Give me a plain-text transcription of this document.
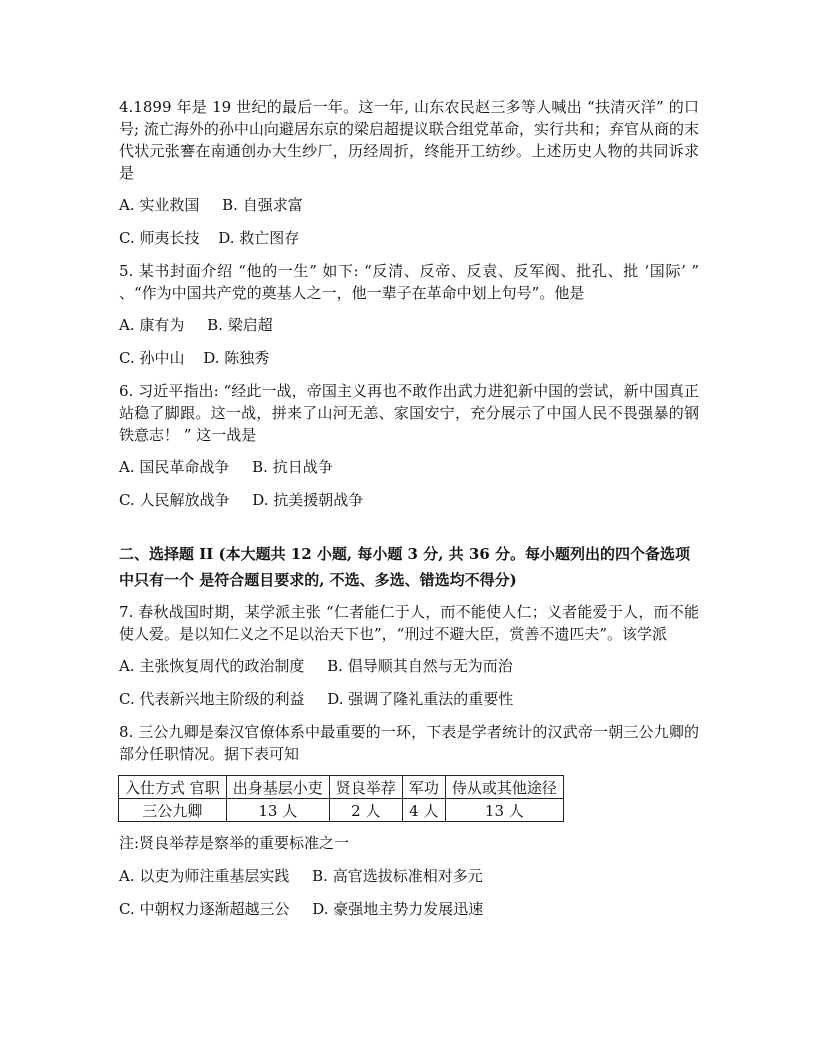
4.1899 年是 19 世纪的最后一年。这一年, 山东农民赵三多等人喊出 “扶清灭洋” 的口号; 流亡海外的孙中山向避居东京的梁启超提议联合组党革命，实行共和；弃官从商的末代状元张謇在南通创办大生纱厂，历经周折，终能开工纺纱。上述历史人物的共同诉求是

A. 实业救国 B. 自强求富
C. 师夷长技 D. 救亡图存

5. 某书封面介绍 “他的一生” 如下: “反清、反帝、反袁、反军阀、批孔、批 ‘国际’ ” 、“作为中国共产党的奠基人之一，他一辈子在革命中划上句号”。他是

A. 康有为 B. 梁启超
C. 孙中山 D. 陈独秀

6. 习近平指出: “经此一战，帝国主义再也不敢作出武力进犯新中国的尝试，新中国真正站稳了脚跟。这一战，拼来了山河无恙、家国安宁，充分展示了中国人民不畏强暴的钢铁意志！ ” 这一战是

A. 国民革命战争 B. 抗日战争
C. 人民解放战争 D. 抗美援朝战争

二、选择题 II (本大题共 12 小题, 每小题 3 分, 共 36 分。每小题列出的四个备选项中只有一个 是符合题目要求的, 不选、多选、错选均不得分)

7. 春秋战国时期，某学派主张 “仁者能仁于人，而不能使人仁；义者能爱于人，而不能使人爱。是以知仁义之不足以治天下也”，“刑过不避大臣，赏善不遗匹夫”。该学派

A. 主张恢复周代的政治制度 B. 倡导顺其自然与无为而治
C. 代表新兴地主阶级的利益 D. 强调了隆礼重法的重要性

8. 三公九卿是秦汉官僚体系中最重要的一环，下表是学者统计的汉武帝一朝三公九卿的部分任职情况。据下表可知

入仕方式 官职	出身基层小吏	贤良举荐	军功	侍从或其他途径
三公九卿	13 人	2 人	4 人	13 人

注:贤良举荐是察举的重要标准之一

A. 以吏为师注重基层实践 B. 高官选拔标准相对多元
C. 中朝权力逐渐超越三公 D. 豪强地主势力发展迅速
